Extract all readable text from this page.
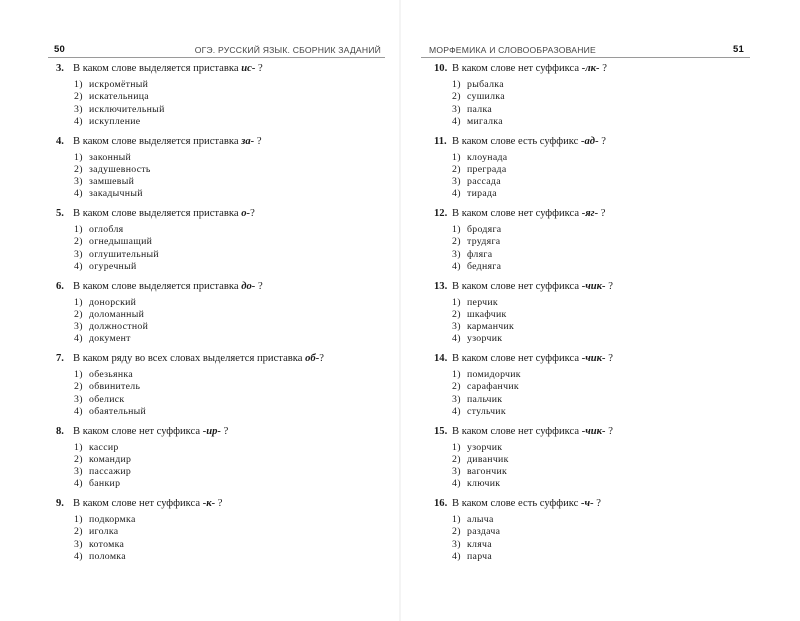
50	ОГЭ. РУССКИЙ ЯЗЫК. СБОРНИК ЗАДАНИЙ
3. В каком слове выделяется приставка ис- ?
1) искромётный
2) искательница
3) исключительный
4) искупление
4. В каком слове выделяется приставка за- ?
1) законный
2) задушевность
3) замшевый
4) закадычный
5. В каком слове выделяется приставка о-?
1) оглобля
2) огнедышащий
3) оглушительный
4) огуречный
6. В каком слове выделяется приставка до- ?
1) донорский
2) доломанный
3) должностной
4) документ
7. В каком ряду во всех словах выделяется приставка об-?
1) обезьянка
2) обвинитель
3) обелиск
4) обаятельный
8. В каком слове нет суффикса -ир- ?
1) кассир
2) командир
3) пассажир
4) банкир
9. В каком слове нет суффикса -к- ?
1) подкормка
2) иголка
3) котомка
4) поломка
МОРФЕМИКА И СЛОВООБРАЗОВАНИЕ	51
10. В каком слове нет суффикса -лк- ?
1) рыбалка
2) сушилка
3) палка
4) мигалка
11. В каком слове есть суффикс -ад- ?
1) клоунада
2) преграда
3) рассада
4) тирада
12. В каком слове нет суффикса -яг- ?
1) бродяга
2) трудяга
3) фляга
4) бедняга
13. В каком слове нет суффикса -чик- ?
1) перчик
2) шкафчик
3) карманчик
4) узорчик
14. В каком слове нет суффикса -чик- ?
1) помидорчик
2) сарафанчик
3) пальчик
4) стульчик
15. В каком слове нет суффикса -чик- ?
1) узорчик
2) диванчик
3) вагончик
4) ключик
16. В каком слове есть суффикс -ч- ?
1) алыча
2) раздача
3) кляча
4) парча
